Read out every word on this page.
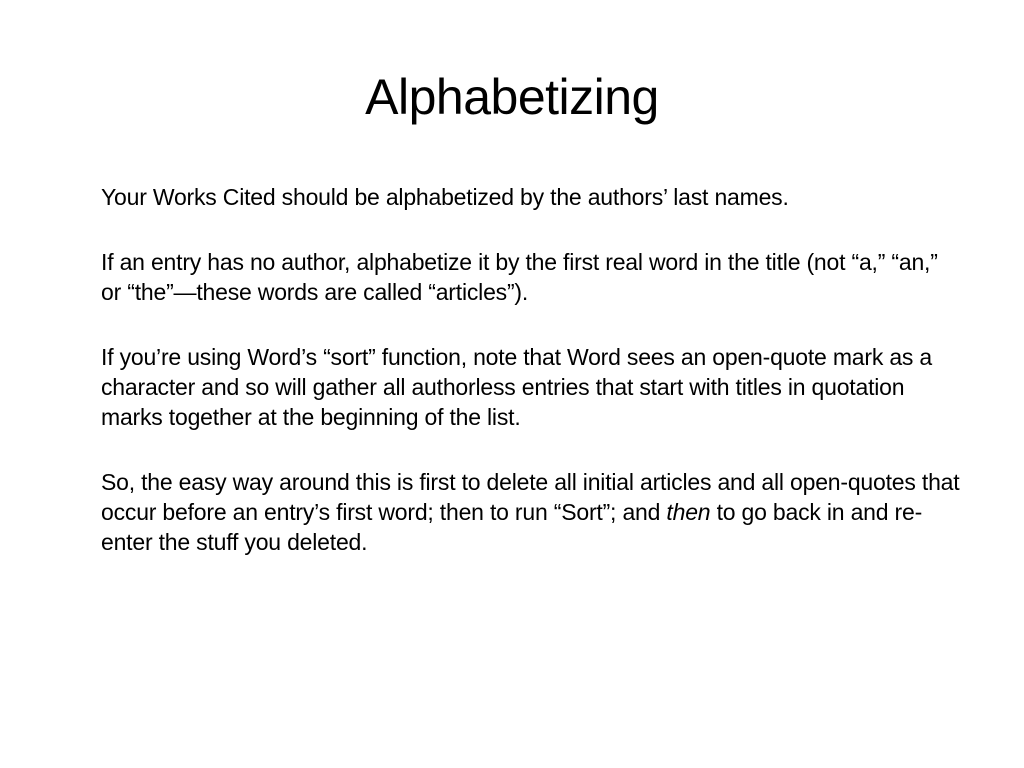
Alphabetizing

Your Works Cited should be alphabetized by the authors’ last names.

If an entry has no author, alphabetize it by the first real word in the title (not “a,” “an,” or “the”—these words are called “articles”).

If you’re using Word’s “sort” function, note that Word sees an open-quote mark as a character and so will gather all authorless entries that start with titles in quotation marks together at the beginning of the list.

So, the easy way around this is first to delete all initial articles and all open-quotes that occur before an entry’s first word; then to run “Sort”; and then to go back in and re-enter the stuff you deleted.
